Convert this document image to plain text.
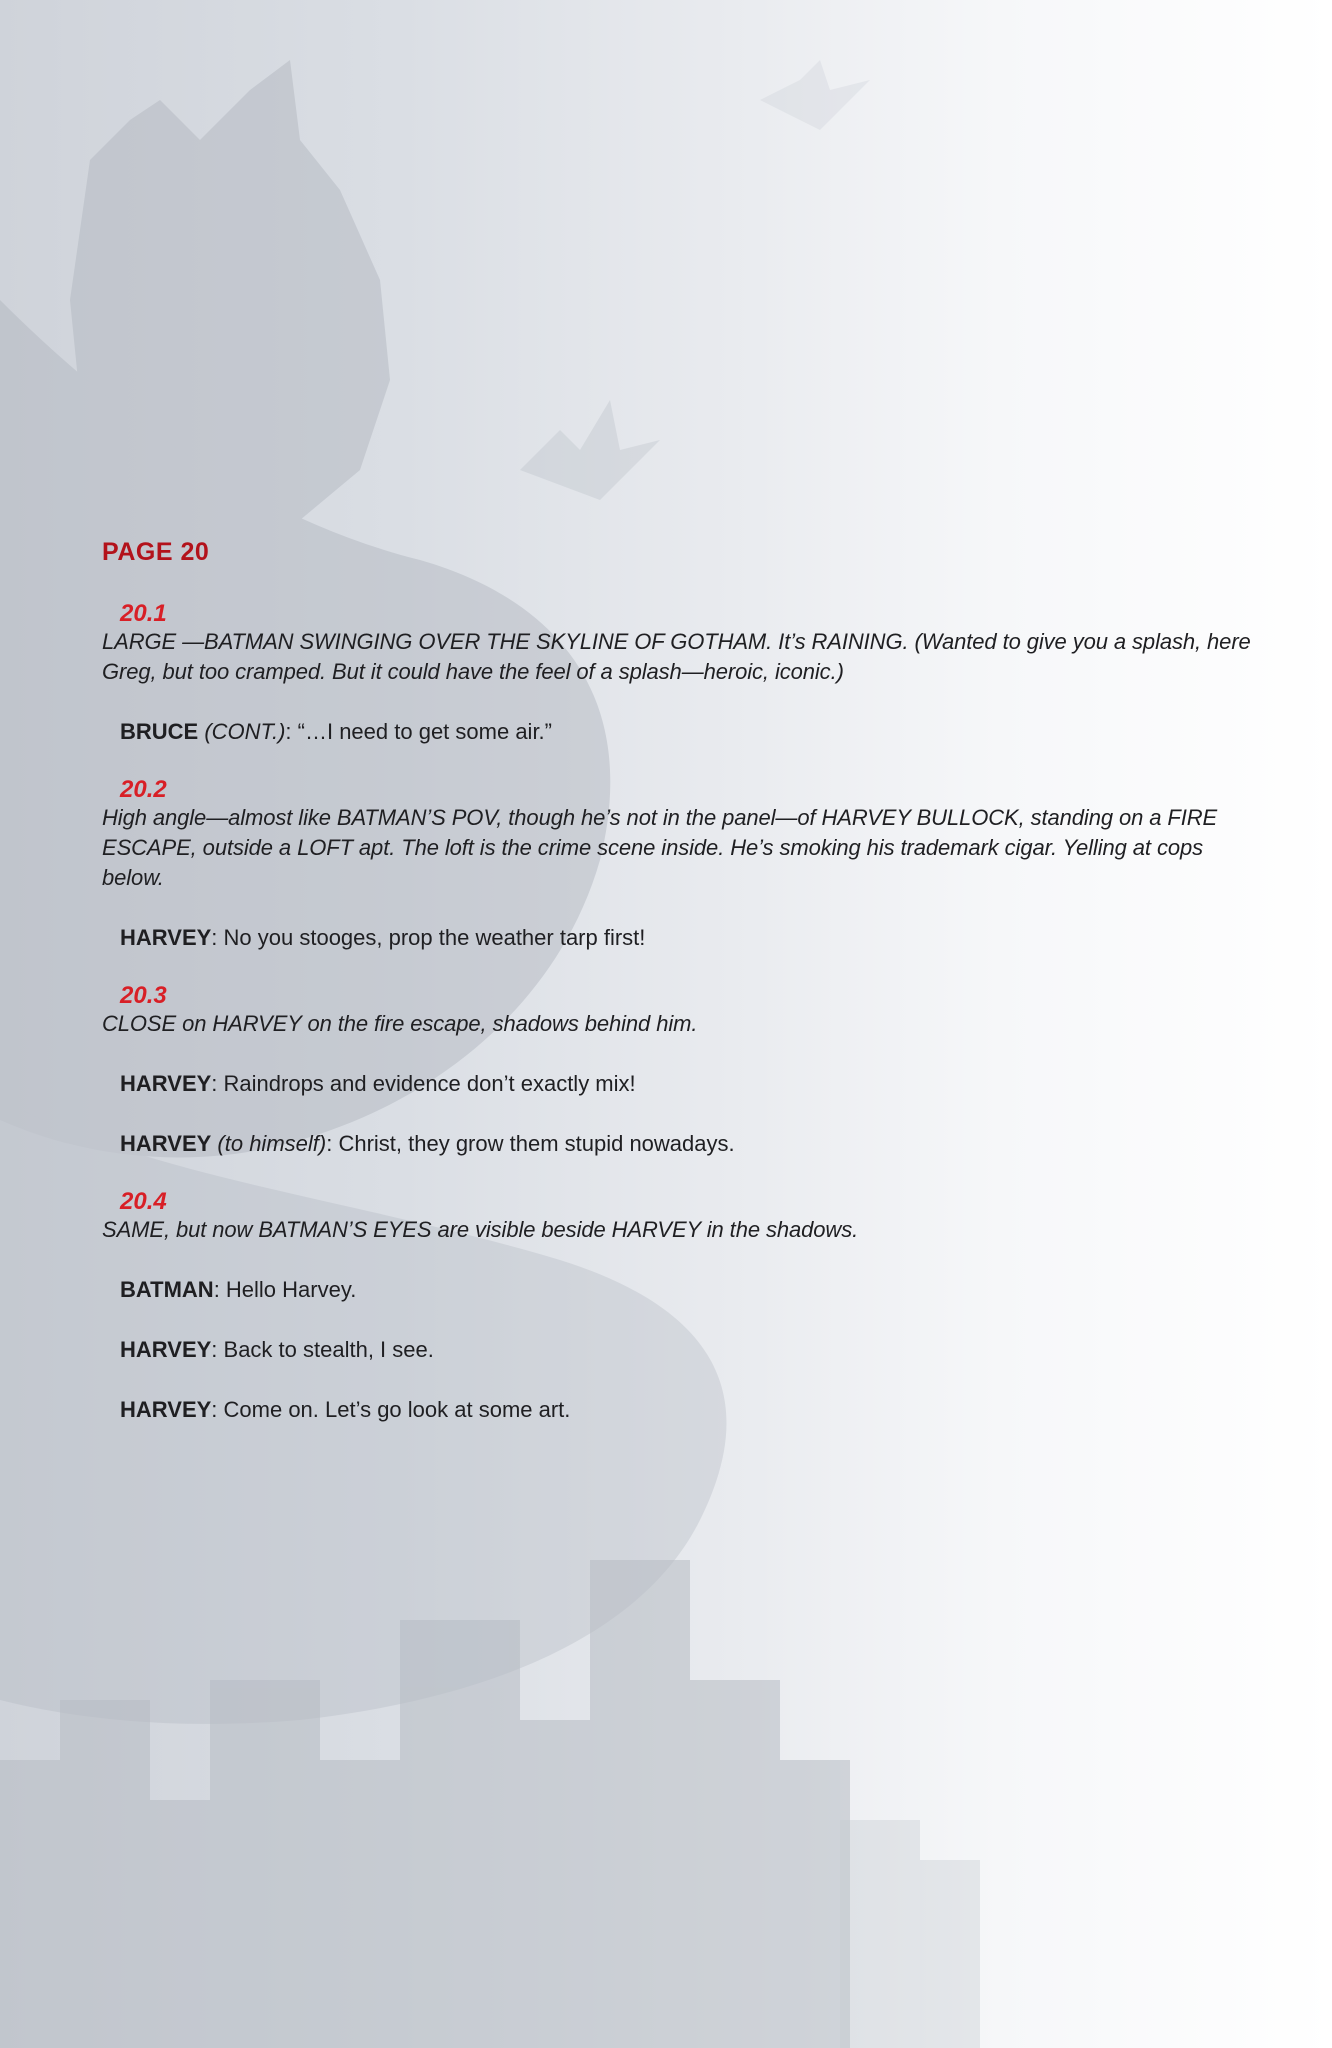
PAGE 20
20.1

LARGE —BATMAN SWINGING OVER THE SKYLINE OF GOTHAM. It’s RAINING. (Wanted to give you a splash, here Greg, but too cramped. But it could have the feel of a splash—heroic, iconic.)

BRUCE (CONT.): “…I need to get some air.”

20.2

High angle—almost like BATMAN’S POV, though he’s not in the panel—of HARVEY BULLOCK, standing on a FIRE ESCAPE, outside a LOFT apt. The loft is the crime scene inside. He’s smoking his trademark cigar. Yelling at cops below.

HARVEY: No you stooges, prop the weather tarp first!

20.3

CLOSE on HARVEY on the fire escape, shadows behind him.

HARVEY: Raindrops and evidence don’t exactly mix!

HARVEY (to himself): Christ, they grow them stupid nowadays.

20.4

SAME, but now BATMAN’S EYES are visible beside HARVEY in the shadows.

BATMAN: Hello Harvey.

HARVEY: Back to stealth, I see.

HARVEY: Come on. Let’s go look at some art.
